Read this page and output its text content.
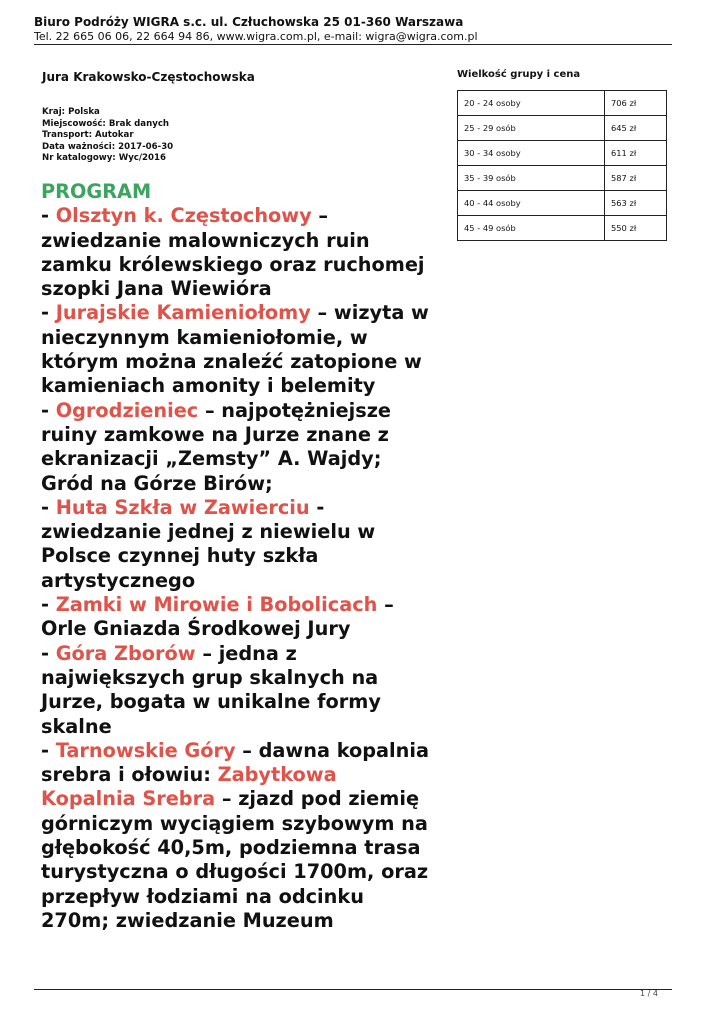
Biuro Podróży WIGRA s.c. ul. Człuchowska 25 01-360 Warszawa
Tel. 22 665 06 06, 22 664 94 86, www.wigra.com.pl, e-mail: wigra@wigra.com.pl
Jura Krakowsko-Częstochowska
Kraj: Polska
Miejscowość: Brak danych
Transport: Autokar
Data ważności: 2017-06-30
Nr katalogowy: Wyc/2016
PROGRAM
- Olsztyn k. Częstochowy –
zwiedzanie malowniczych ruin
zamku królewskiego oraz ruchomej
szopki Jana Wiewióra
- Jurajskie Kamieniołomy – wizyta w
nieczynnym kamieniołomie, w
którym można znaleźć zatopione w
kamieniach amonity i belemity
- Ogrodzieniec – najpotężniejsze
ruiny zamkowe na Jurze znane z
ekranizacji „Zemsty” A. Wajdy;
Gród na Górze Birów;
- Huta Szkła w Zawierciu -
zwiedzanie jednej z niewielu w
Polsce czynnej huty szkła
artystycznego
- Zamki w Mirowie i Bobolicach –
Orle Gniazda Środkowej Jury
- Góra Zborów – jedna z
największych grup skalnych na
Jurze, bogata w unikalne formy
skalne
- Tarnowskie Góry – dawna kopalnia
srebra i ołowiu: Zabytkowa
Kopalnia Srebra – zjazd pod ziemię
górniczym wyciągiem szybowym na
głębokość 40,5m, podziemna trasa
turystyczna o długości 1700m, oraz
przepływ łodziami na odcinku
270m; zwiedzanie Muzeum
Wielkość grupy i cena
20 - 24 osoby	706 zł
25 - 29 osób	645 zł
30 - 34 osoby	611 zł
35 - 39 osób	587 zł
40 - 44 osoby	563 zł
45 - 49 osób	550 zł
1 / 4
